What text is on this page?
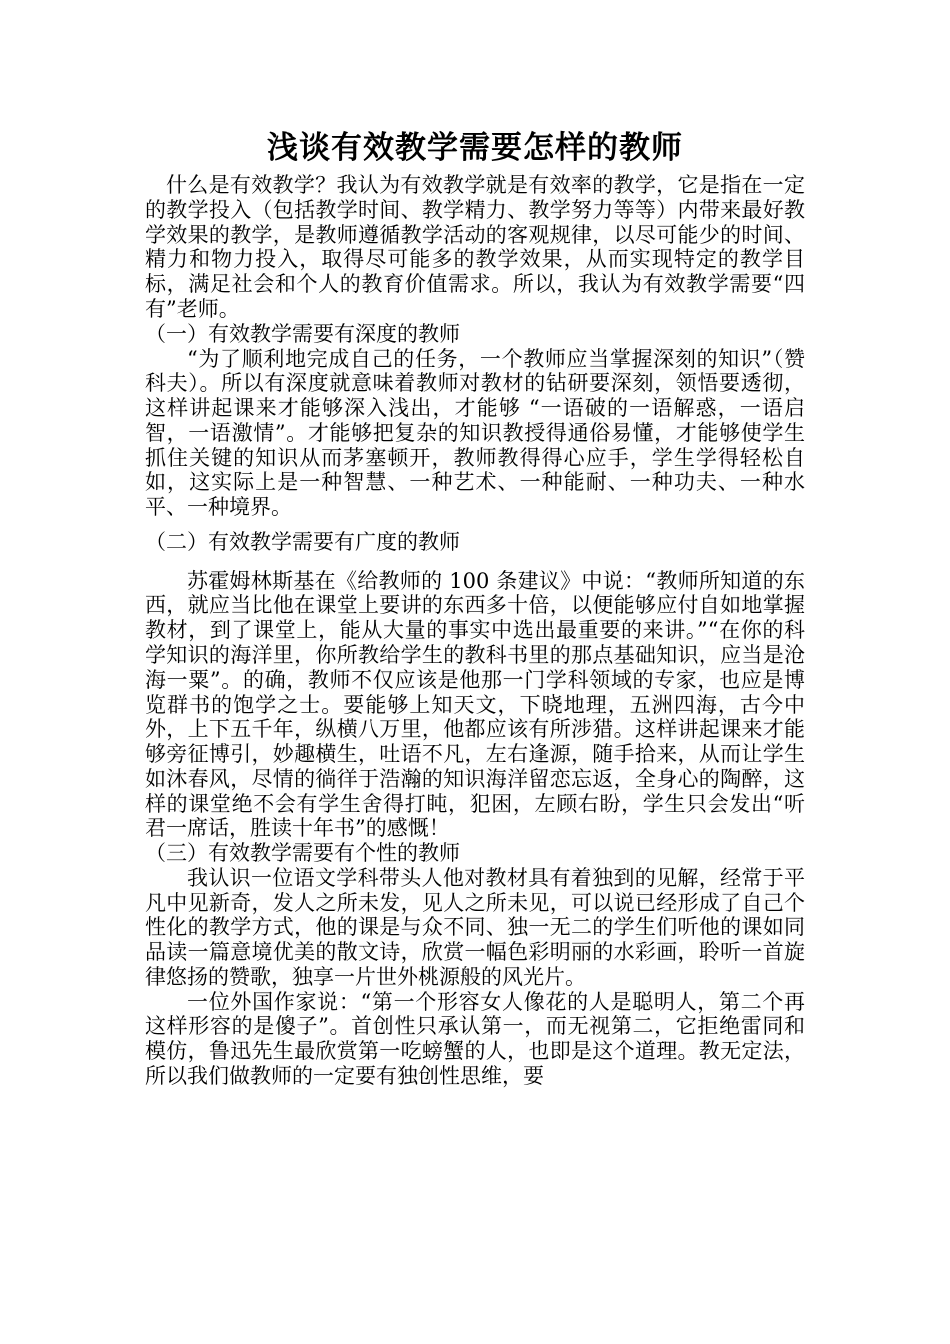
浅谈有效教学需要怎样的教师

什么是有效教学？我认为有效教学就是有效率的教学，它是指在一定的教学投入（包括教学时间、教学精力、教学努力等等）内带来最好教学效果的教学，是教师遵循教学活动的客观规律，以尽可能少的时间、精力和物力投入，取得尽可能多的教学效果，从而实现特定的教学目标，满足社会和个人的教育价值需求。所以，我认为有效教学需要“四有”老师。

（一）有效教学需要有深度的教师

“为了顺利地完成自己的任务，一个教师应当掌握深刻的知识”（赞科夫）。所以有深度就意味着教师对教材的钻研要深刻，领悟要透彻，这样讲起课来才能够深入浅出，才能够 “一语破的一语解惑，一语启智，一语激情”。才能够把复杂的知识教授得通俗易懂，才能够使学生抓住关键的知识从而茅塞顿开，教师教得得心应手，学生学得轻松自如，这实际上是一种智慧、一种艺术、一种能耐、一种功夫、一种水平、一种境界。

（二）有效教学需要有广度的教师

苏霍姆林斯基在《给教师的 100 条建议》中说：“教师所知道的东西，就应当比他在课堂上要讲的东西多十倍，以便能够应付自如地掌握教材，到了课堂上，能从大量的事实中选出最重要的来讲。”“在你的科学知识的海洋里，你所教给学生的教科书里的那点基础知识，应当是沧海一粟”。的确，教师不仅应该是他那一门学科领域的专家，也应是博览群书的饱学之士。要能够上知天文，下晓地理，五洲四海，古今中外，上下五千年，纵横八万里，他都应该有所涉猎。这样讲起课来才能够旁征博引，妙趣横生，吐语不凡，左右逢源，随手拾来，从而让学生如沐春风，尽情的徜徉于浩瀚的知识海洋留恋忘返，全身心的陶醉，这样的课堂绝不会有学生舍得打盹，犯困，左顾右盼，学生只会发出“听君一席话，胜读十年书”的感慨！

（三）有效教学需要有个性的教师

我认识一位语文学科带头人他对教材具有着独到的见解，经常于平凡中见新奇，发人之所未发，见人之所未见，可以说已经形成了自己个性化的教学方式，他的课是与众不同、独一无二的学生们听他的课如同品读一篇意境优美的散文诗，欣赏一幅色彩明丽的水彩画，聆听一首旋律悠扬的赞歌，独享一片世外桃源般的风光片。

一位外国作家说：“第一个形容女人像花的人是聪明人，第二个再这样形容的是傻子”。首创性只承认第一，而无视第二，它拒绝雷同和模仿，鲁迅先生最欣赏第一吃螃蟹的人，也即是这个道理。教无定法，所以我们做教师的一定要有独创性思维，要
